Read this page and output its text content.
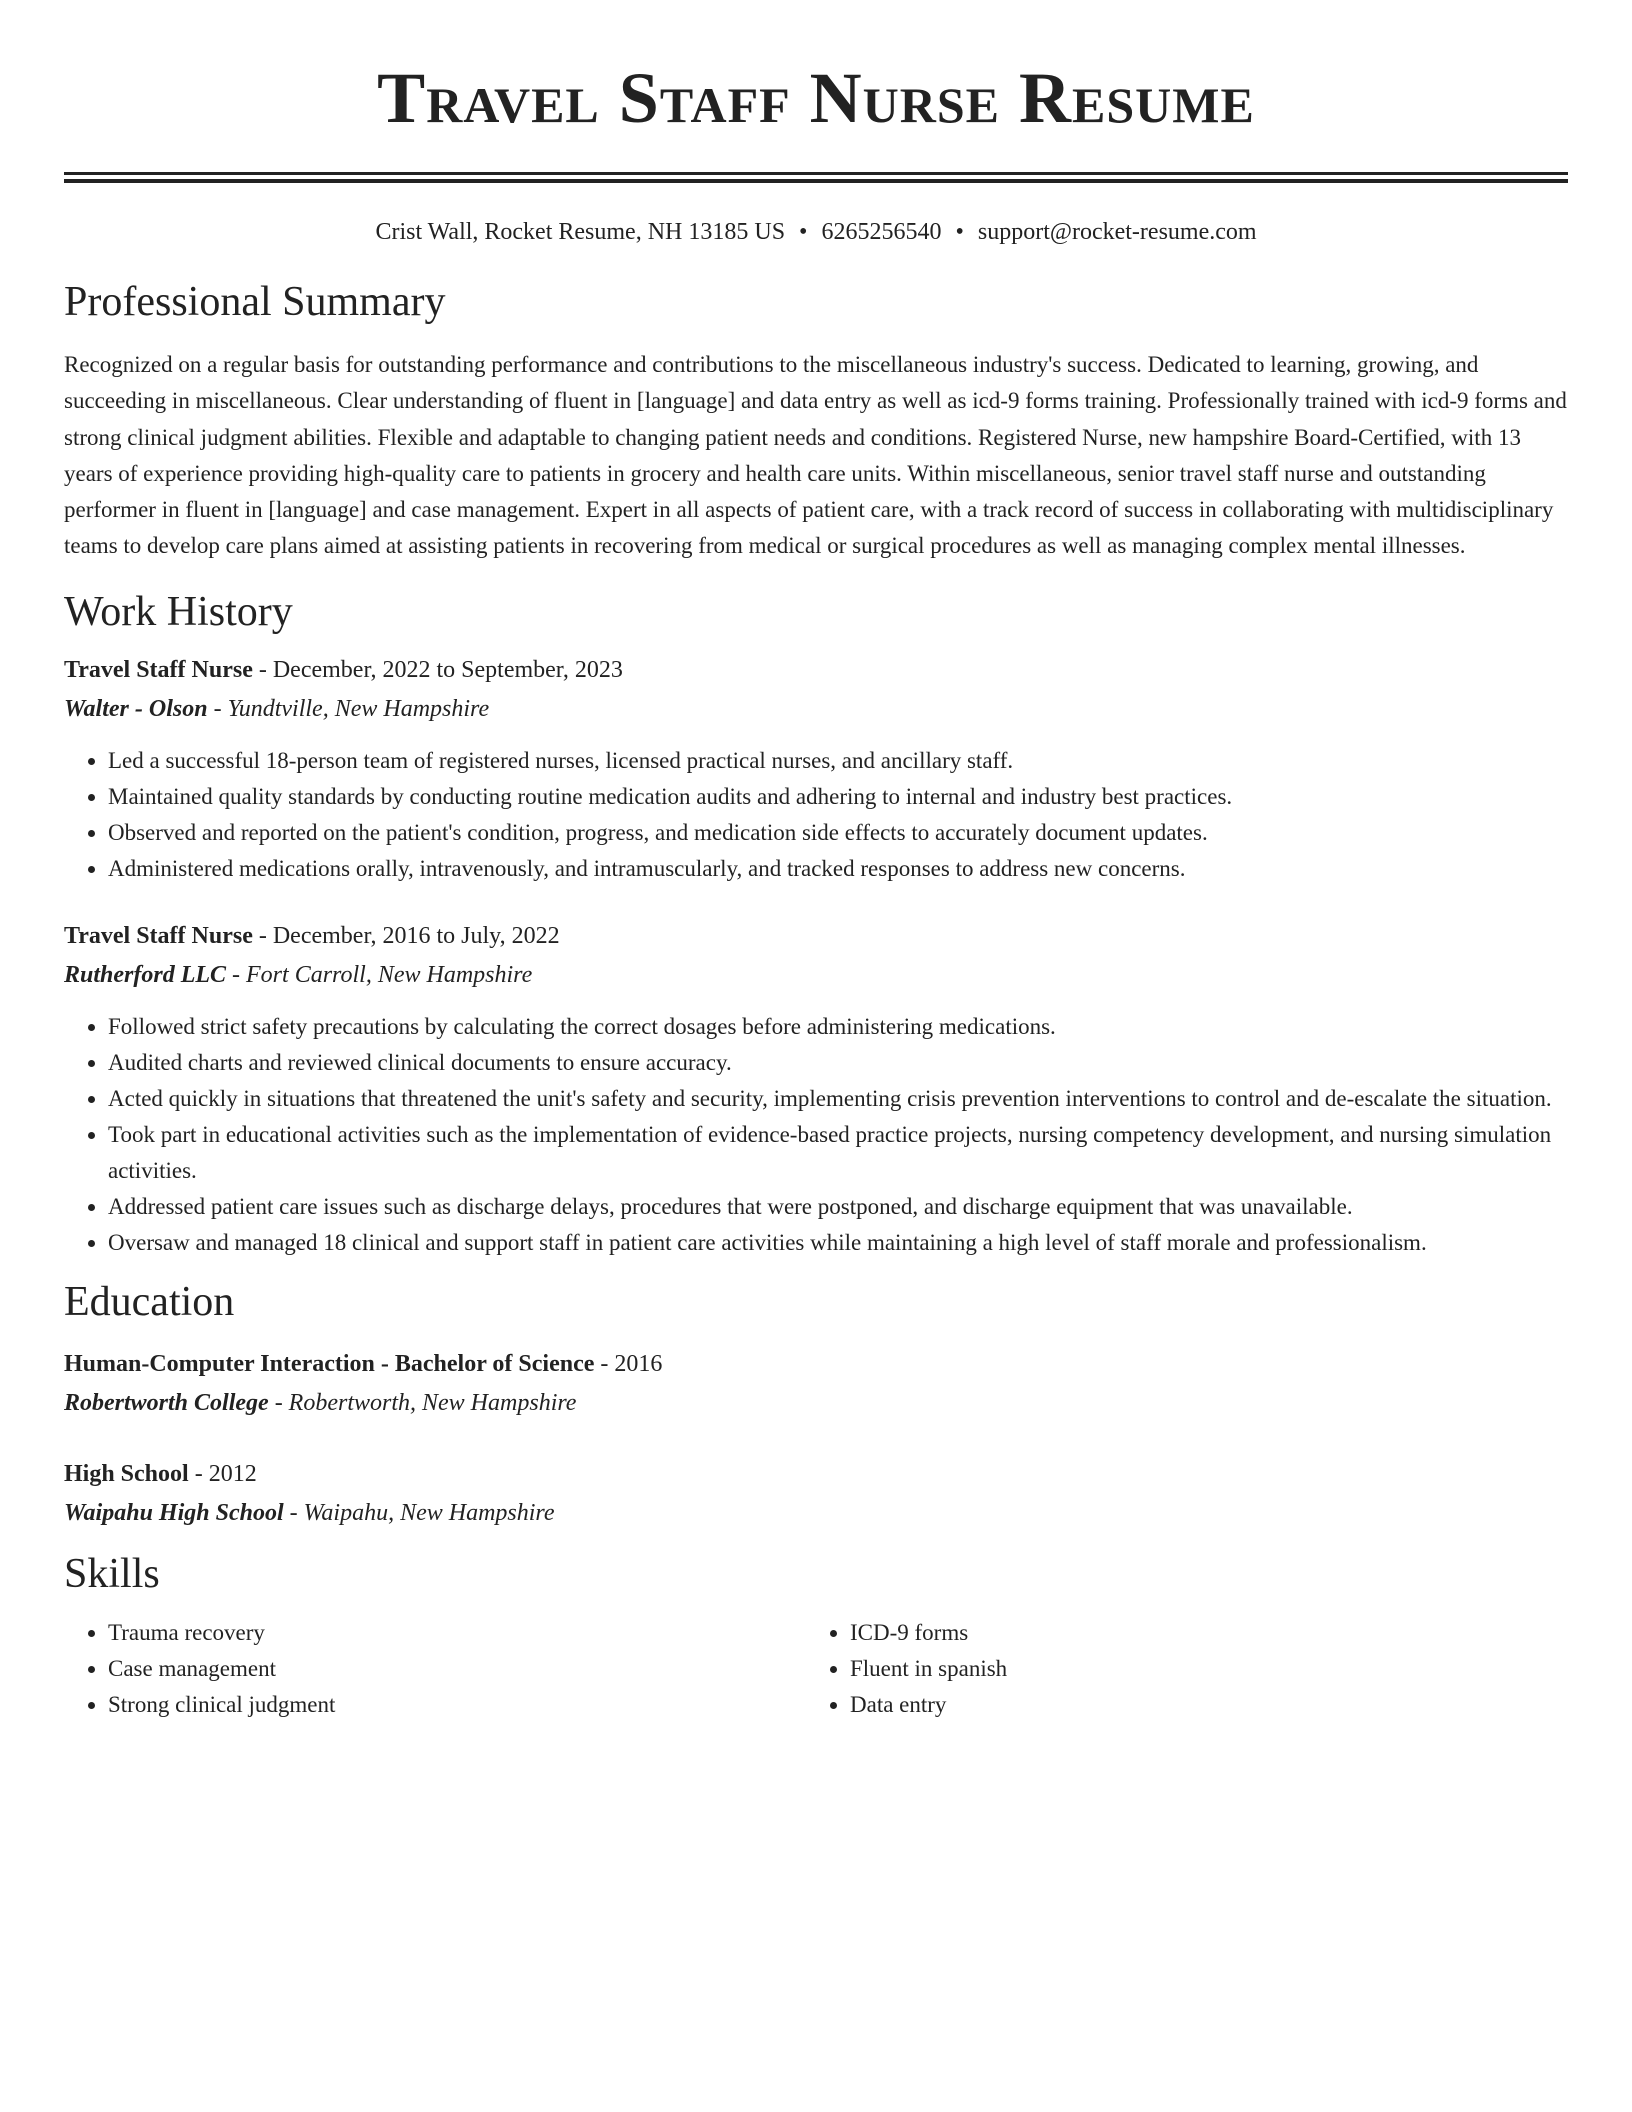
Travel Staff Nurse Resume
Crist Wall, Rocket Resume, NH 13185 US • 6265256540 • support@rocket-resume.com
Professional Summary

Recognized on a regular basis for outstanding performance and contributions to the miscellaneous industry's success. Dedicated to learning, growing, and succeeding in miscellaneous. Clear understanding of fluent in [language] and data entry as well as icd-9 forms training. Professionally trained with icd-9 forms and strong clinical judgment abilities. Flexible and adaptable to changing patient needs and conditions. Registered Nurse, new hampshire Board-Certified, with 13 years of experience providing high-quality care to patients in grocery and health care units. Within miscellaneous, senior travel staff nurse and outstanding performer in fluent in [language] and case management. Expert in all aspects of patient care, with a track record of success in collaborating with multidisciplinary teams to develop care plans aimed at assisting patients in recovering from medical or surgical procedures as well as managing complex mental illnesses.

Work History
Travel Staff Nurse - December, 2022 to September, 2023
Walter - Olson - Yundtville, New Hampshire
• Led a successful 18-person team of registered nurses, licensed practical nurses, and ancillary staff.
• Maintained quality standards by conducting routine medication audits and adhering to internal and industry best practices.
• Observed and reported on the patient's condition, progress, and medication side effects to accurately document updates.
• Administered medications orally, intravenously, and intramuscularly, and tracked responses to address new concerns.
Travel Staff Nurse - December, 2016 to July, 2022
Rutherford LLC - Fort Carroll, New Hampshire
• Followed strict safety precautions by calculating the correct dosages before administering medications.
• Audited charts and reviewed clinical documents to ensure accuracy.
• Acted quickly in situations that threatened the unit's safety and security, implementing crisis prevention interventions to control and de-escalate the situation.
• Took part in educational activities such as the implementation of evidence-based practice projects, nursing competency development, and nursing simulation activities.
• Addressed patient care issues such as discharge delays, procedures that were postponed, and discharge equipment that was unavailable.
• Oversaw and managed 18 clinical and support staff in patient care activities while maintaining a high level of staff morale and professionalism.
Education
Human-Computer Interaction - Bachelor of Science - 2016
Robertworth College - Robertworth, New Hampshire
High School - 2012
Waipahu High School - Waipahu, New Hampshire
Skills
• Trauma recovery
• Case management
• Strong clinical judgment
• ICD-9 forms
• Fluent in spanish
• Data entry
